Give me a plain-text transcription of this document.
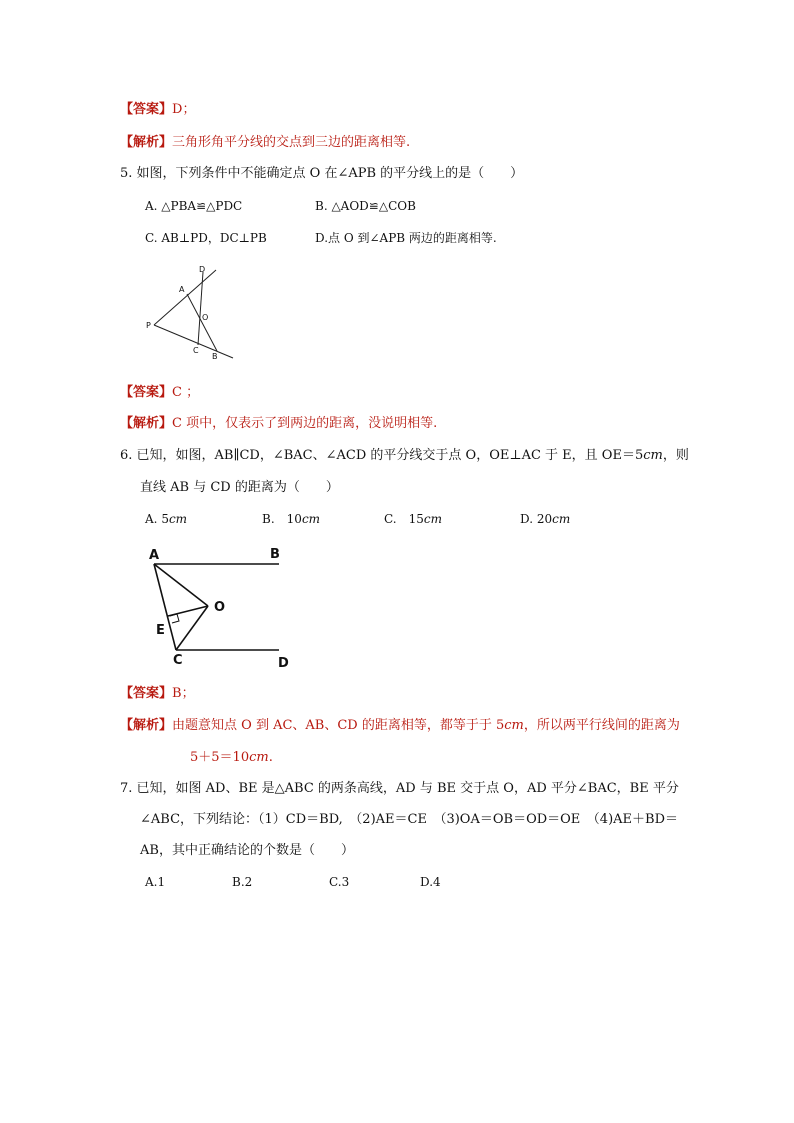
【答案】D；
【解析】三角形角平分线的交点到三边的距离相等.
5. 如图，下列条件中不能确定点 O 在∠APB 的平分线上的是（　　）
A. △PBA≌△PDC	B. △AOD≌△COB
C. AB⊥PD，DC⊥PB	D.点 O 到∠APB 两边的距离相等.
D
A
O
P
C
B
【答案】C ；
【解析】C 项中，仅表示了到两边的距离，没说明相等.
6. 已知，如图，AB∥CD，∠BAC、∠ACD 的平分线交于点 O，OE⊥AC 于 E，且 OE＝5cm，则
直线 AB 与 CD 的距离为（　　）
A. 5cm	B.　 10cm	C.　 15cm	D. 20cm
A	B
O
E
C	D
【答案】B；
【解析】由题意知点 O 到 AC、AB、CD 的距离相等，都等于于 5cm，所以两平行线间的距离为
5＋5＝10cm.
7. 已知，如图 AD、BE 是△ABC 的两条高线，AD 与 BE 交于点 O，AD 平分∠BAC，BE 平分
∠ABC，下列结论：（1）CD＝BD,　（2)AE＝CE　（3)OA＝OB＝OD＝OE　（4)AE＋BD＝
AB，其中正确结论的个数是（　　）
A.1	B.2	C.3	D.4
